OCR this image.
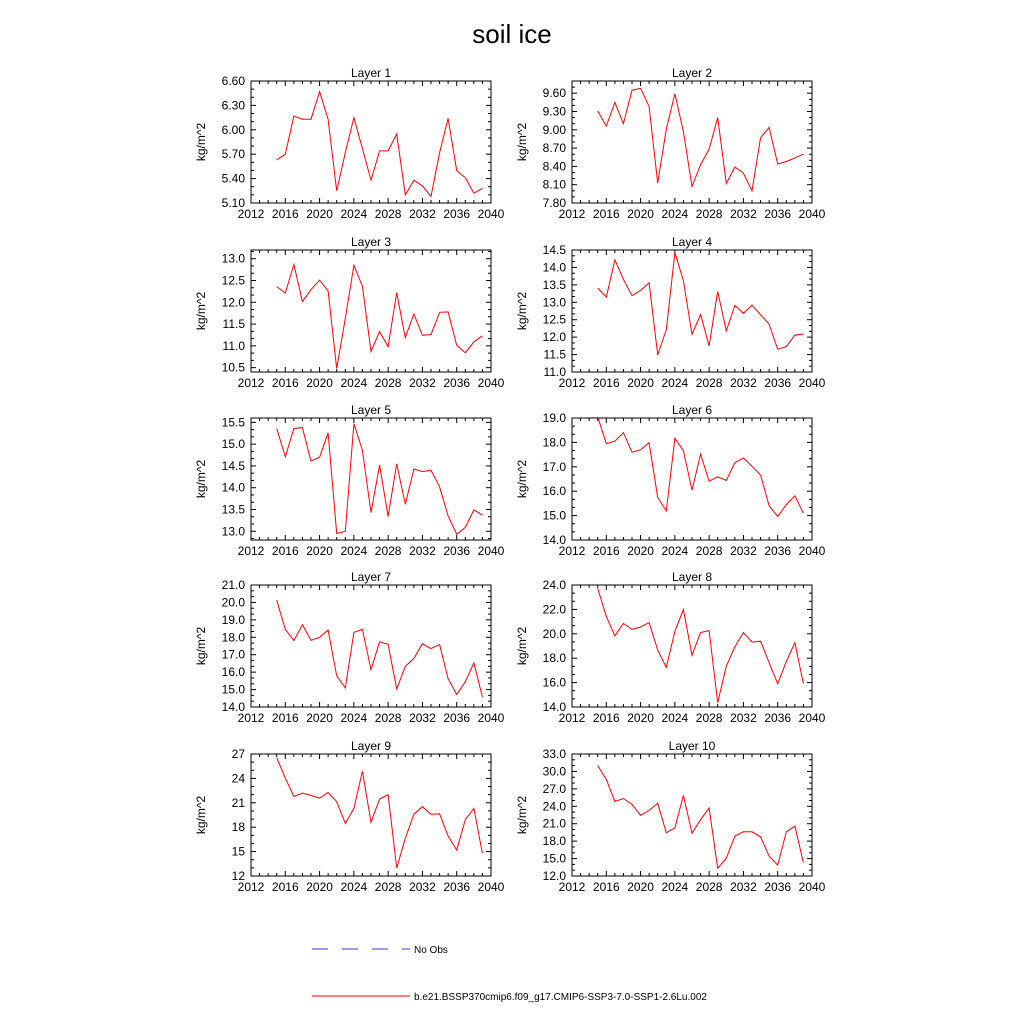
soil ice
Layer 1
kg/m^2
2012 2016 2020 2024 2028 2032 2036 2040
5.10
5.40
5.70
6.00
6.30
6.60
Layer 2
kg/m^2
2012 2016 2020 2024 2028 2032 2036 2040
7.80
8.10
8.40
8.70
9.00
9.30
9.60
Layer 3
kg/m^2
2012 2016 2020 2024 2028 2032 2036 2040
10.5
11.0
11.5
12.0
12.5
13.0
Layer 4
kg/m^2
2012 2016 2020 2024 2028 2032 2036 2040
11.0
11.5
12.0
12.5
13.0
13.5
14.0
14.5
Layer 5
kg/m^2
2012 2016 2020 2024 2028 2032 2036 2040
13.0
13.5
14.0
14.5
15.0
15.5
Layer 6
kg/m^2
2012 2016 2020 2024 2028 2032 2036 2040
14.0
15.0
16.0
17.0
18.0
19.0
Layer 7
kg/m^2
2012 2016 2020 2024 2028 2032 2036 2040
14.0
15.0
16.0
17.0
18.0
19.0
20.0
21.0
Layer 8
kg/m^2
2012 2016 2020 2024 2028 2032 2036 2040
14.0
16.0
18.0
20.0
22.0
24.0
Layer 9
kg/m^2
2012 2016 2020 2024 2028 2032 2036 2040
12
15
18
21
24
27
Layer 10
kg/m^2
2012 2016 2020 2024 2028 2032 2036 2040
12.0
15.0
18.0
21.0
24.0
27.0
30.0
33.0
No Obs
b.e21.BSSP370cmip6.f09_g17.CMIP6-SSP3-7.0-SSP1-2.6Lu.002
